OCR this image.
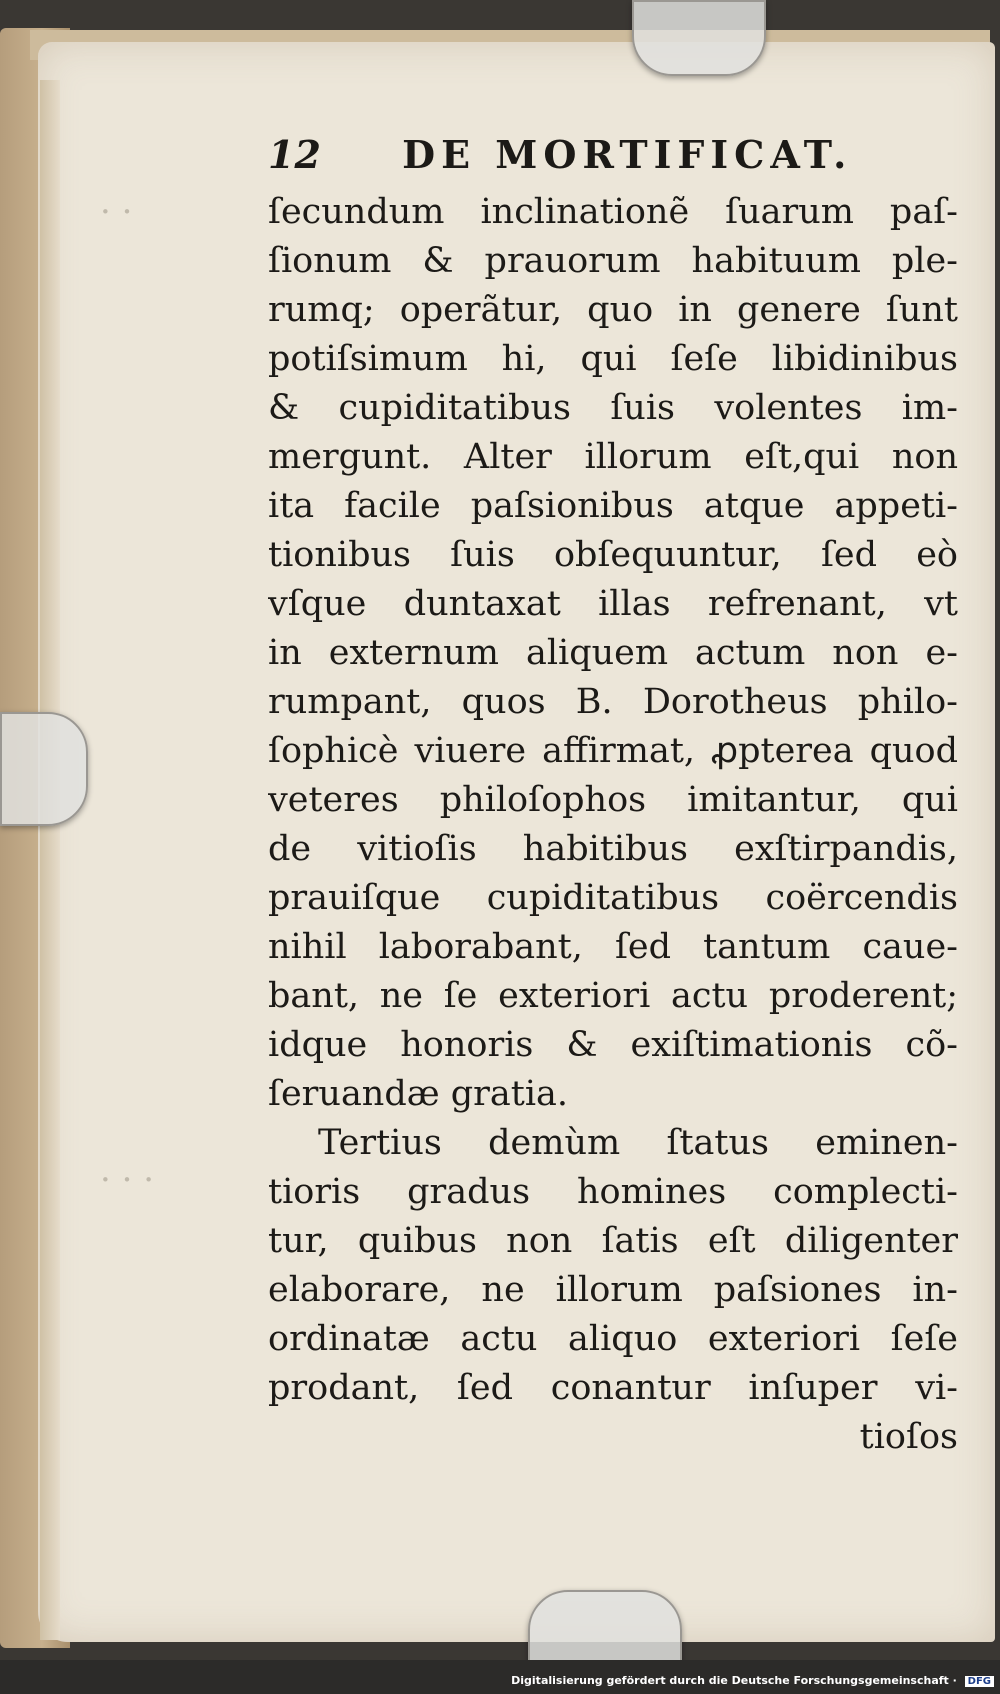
· ·
· · ·
12 DE MORTIFICAT.
ſecundum inclinationẽ ſuarum paſ-
ſionum & prauorum habituum ple-
rumq; operãtur, quo in genere ſunt
potiſsimum hi, qui ſeſe libidinibus
& cupiditatibus ſuis volentes im-
mergunt. Alter illorum eſt,qui non
ita facile paſsionibus atque appeti-
tionibus ſuis obſequuntur, ſed eò
vſque duntaxat illas refrenant, vt
in externum aliquem actum non e-
rumpant, quos B. Dorotheus philo-
ſophicè viuere affirmat, ꝓpterea quod
veteres philoſophos imitantur, qui
de vitioſis habitibus exſtirpandis,
prauiſque cupiditatibus coërcendis
nihil laborabant, ſed tantum caue-
bant, ne ſe exteriori actu proderent;
idque honoris & exiſtimationis cõ-
ſeruandæ gratia.
Tertius demùm ſtatus eminen-
tioris gradus homines complecti-
tur, quibus non ſatis eſt diligenter
elaborare, ne illorum paſsiones in-
ordinatæ actu aliquo exteriori ſeſe
prodant, ſed conantur inſuper vi-
tioſos
Digitalisierung gefördert durch die Deutsche Forschungsgemeinschaft · DFG
